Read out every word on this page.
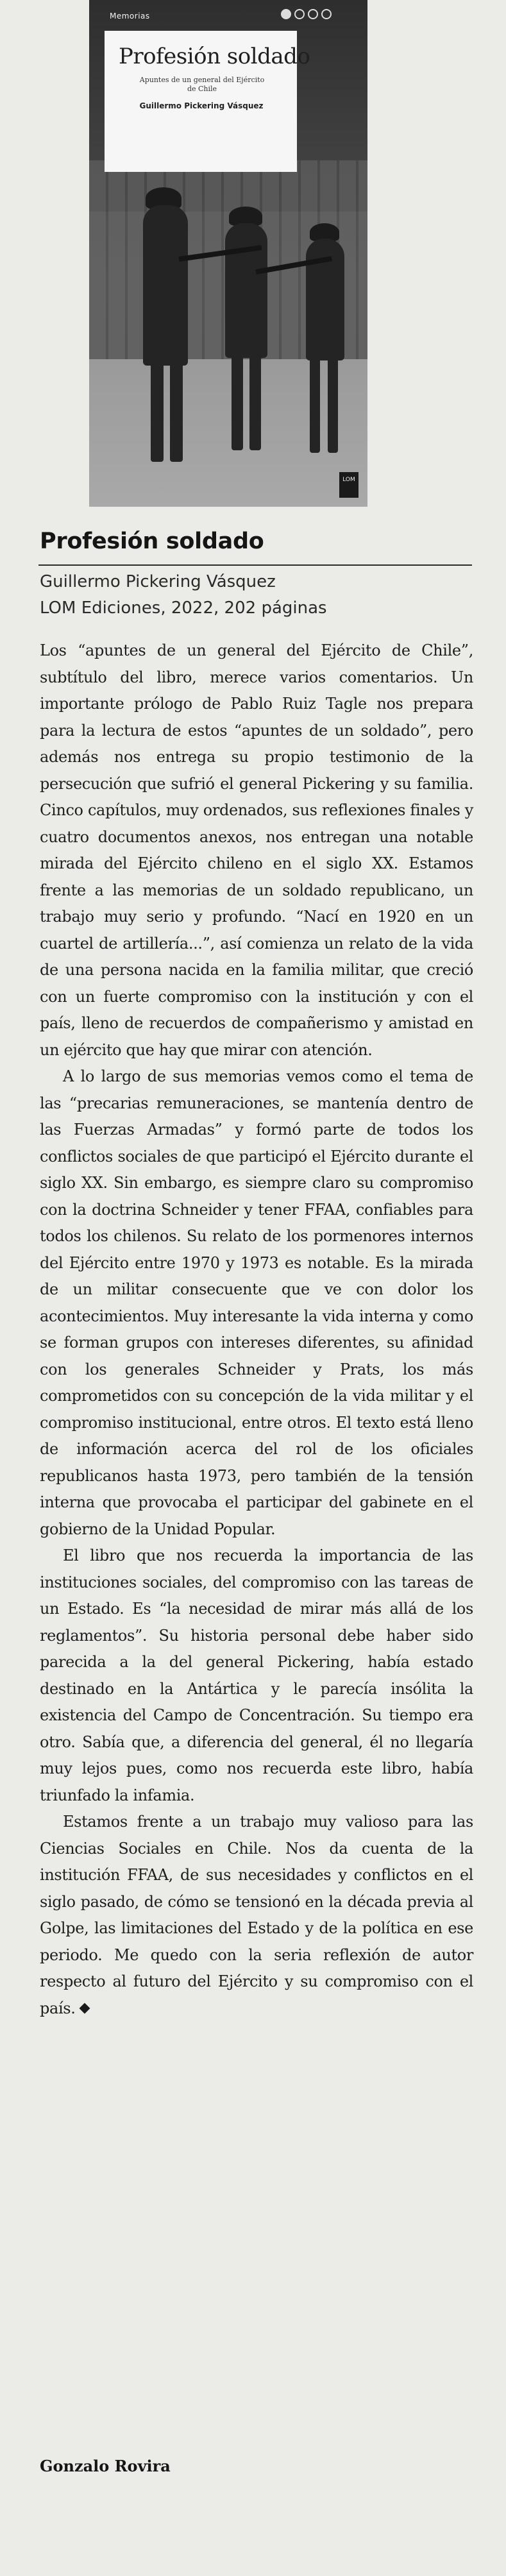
Memorias

Profesión soldado

Apuntes de un general del Ejército de Chile

Guillermo Pickering Vásquez
LOM
Profesión soldado

Guillermo Pickering Vásquez

LOM Ediciones, 2022, 202 páginas

Los “apuntes de un general del Ejército de Chile”, subtítulo del libro, merece varios comentarios. Un importante prólogo de Pablo Ruiz Tagle nos prepara para la lectura de estos “apuntes de un soldado”, pero además nos entrega su propio testimonio de la persecución que sufrió el general Pickering y su familia. Cinco capítulos, muy ordenados, sus reflexiones finales y cuatro documentos anexos, nos entregan una notable mirada del Ejército chileno en el siglo XX. Estamos frente a las memorias de un soldado republicano, un trabajo muy serio y profundo. “Nací en 1920 en un cuartel de artillería...”, así comienza un relato de la vida de una persona nacida en la familia militar, que creció con un fuerte compromiso con la institución y con el país, lleno de recuerdos de compañerismo y amistad en un ejército que hay que mirar con atención.

A lo largo de sus memorias vemos como el tema de las “precarias remuneraciones, se mantenía dentro de las Fuerzas Armadas” y formó parte de todos los conflictos sociales de que participó el Ejército durante el siglo XX. Sin embargo, es siempre claro su compromiso con la doctrina Schneider y tener FFAA, confiables para todos los chilenos. Su relato de los pormenores internos del Ejército entre 1970 y 1973 es notable. Es la mirada de un militar consecuente que ve con dolor los acontecimientos. Muy interesante la vida interna y como se forman grupos con intereses diferentes, su afinidad con los generales Schneider y Prats, los más comprometidos con su concepción de la vida militar y el compromiso institucional, entre otros. El texto está lleno de información acerca del rol de los oficiales republicanos hasta 1973, pero también de la tensión interna que provocaba el participar del gabinete en el gobierno de la Unidad Popular.

El libro que nos recuerda la importancia de las instituciones sociales, del compromiso con las tareas de un Estado. Es “la necesidad de mirar más allá de los reglamentos”. Su historia personal debe haber sido parecida a la del general Pickering, había estado destinado en la Antártica y le parecía insólita la existencia del Campo de Concentración. Su tiempo era otro. Sabía que, a diferencia del general, él no llegaría muy lejos pues, como nos recuerda este libro, había triunfado la infamia.

Estamos frente a un trabajo muy valioso para las Ciencias Sociales en Chile. Nos da cuenta de la institución FFAA, de sus necesidades y conflictos en el siglo pasado, de cómo se tensionó en la década previa al Golpe, las limitaciones del Estado y de la política en ese periodo. Me quedo con la seria reflexión de autor respecto al futuro del Ejército y su compromiso con el país.

Gonzalo Rovira
